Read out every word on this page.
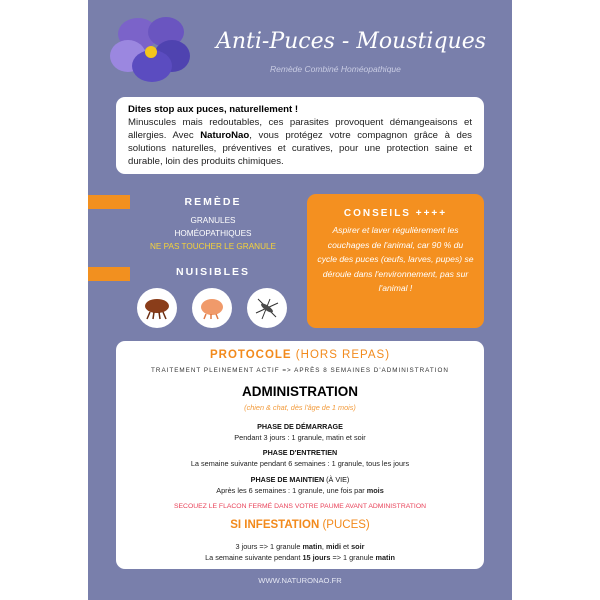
Anti-Puces - Moustiques
Remède Combiné Homéopathique
Dites stop aux puces, naturellement !
Minuscules mais redoutables, ces parasites provoquent démangeaisons et allergies. Avec NaturoNao, vous protégez votre compagnon grâce à des solutions naturelles, préventives et curatives, pour une protection saine et durable, loin des produits chimiques.
REMÈDE
GRANULES
HOMÉOPATHIQUES
NE PAS TOUCHER LE GRANULE
NUISIBLES
CONSEILS ++++

Aspirer et laver régulièrement les couchages de l'animal, car 90 % du cycle des puces (œufs, larves, pupes) se déroule dans l'environnement, pas sur l'animal !

PROTOCOLE (HORS REPAS)
TRAITEMENT PLEINEMENT ACTIF => APRÈS 8 SEMAINES D'ADMINISTRATION
ADMINISTRATION
(chien & chat, dès l'âge de 1 mois)
PHASE DE DÉMARRAGE
Pendant 3 jours : 1 granule, matin et soir
PHASE D'ENTRETIEN
La semaine suivante pendant 6 semaines : 1 granule, tous les jours
PHASE DE MAINTIEN (À VIE)
Après les 6 semaines : 1 granule, une fois par mois
SECOUEZ LE FLACON FERMÉ DANS VOTRE PAUME AVANT ADMINISTRATION
SI INFESTATION (PUCES)
3 jours => 1 granule matin, midi et soir
La semaine suivante pendant 15 jours => 1 granule matin
WWW.NATURONAO.FR
